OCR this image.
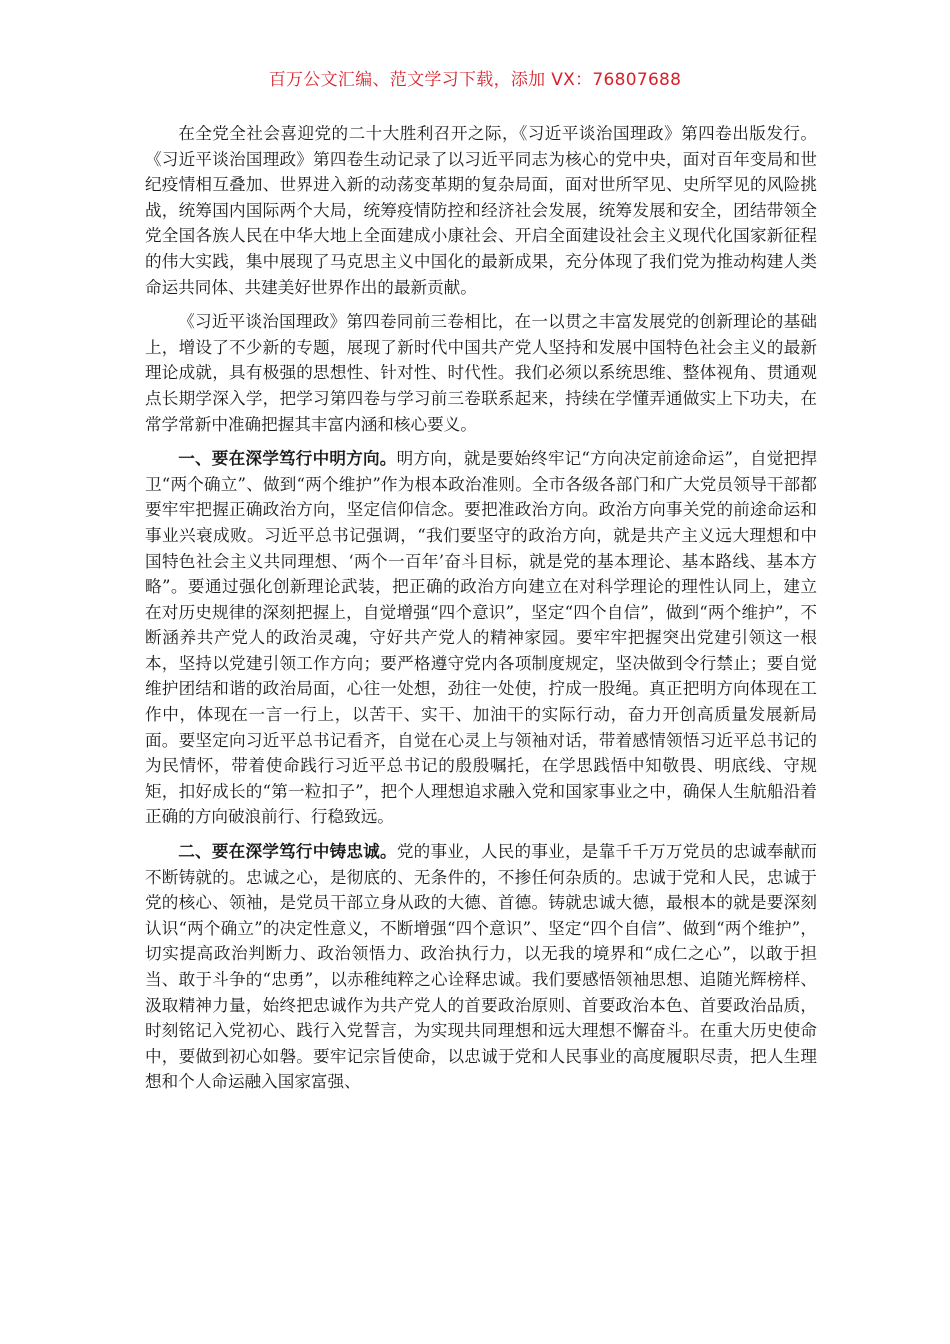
百万公文汇编、范文学习下载，添加 VX：76807688

在全党全社会喜迎党的二十大胜利召开之际，《习近平谈治国理政》第四卷出版发行。《习近平谈治国理政》第四卷生动记录了以习近平同志为核心的党中央，面对百年变局和世纪疫情相互叠加、世界进入新的动荡变革期的复杂局面，面对世所罕见、史所罕见的风险挑战，统筹国内国际两个大局，统筹疫情防控和经济社会发展，统筹发展和安全，团结带领全党全国各族人民在中华大地上全面建成小康社会、开启全面建设社会主义现代化国家新征程的伟大实践，集中展现了马克思主义中国化的最新成果，充分体现了我们党为推动构建人类命运共同体、共建美好世界作出的最新贡献。

《习近平谈治国理政》第四卷同前三卷相比，在一以贯之丰富发展党的创新理论的基础上，增设了不少新的专题，展现了新时代中国共产党人坚持和发展中国特色社会主义的最新理论成就，具有极强的思想性、针对性、时代性。我们必须以系统思维、整体视角、贯通观点长期学深入学，把学习第四卷与学习前三卷联系起来，持续在学懂弄通做实上下功夫，在常学常新中准确把握其丰富内涵和核心要义。

一、要在深学笃行中明方向。明方向，就是要始终牢记“方向决定前途命运”，自觉把捍卫“两个确立”、做到“两个维护”作为根本政治准则。全市各级各部门和广大党员领导干部都要牢牢把握正确政治方向，坚定信仰信念。要把准政治方向。政治方向事关党的前途命运和事业兴衰成败。习近平总书记强调，“我们要坚守的政治方向，就是共产主义远大理想和中国特色社会主义共同理想、‘两个一百年’奋斗目标，就是党的基本理论、基本路线、基本方略”。要通过强化创新理论武装，把正确的政治方向建立在对科学理论的理性认同上，建立在对历史规律的深刻把握上，自觉增强“四个意识”，坚定“四个自信”，做到“两个维护”，不断涵养共产党人的政治灵魂，守好共产党人的精神家园。要牢牢把握突出党建引领这一根本，坚持以党建引领工作方向；要严格遵守党内各项制度规定，坚决做到令行禁止；要自觉维护团结和谐的政治局面，心往一处想，劲往一处使，拧成一股绳。真正把明方向体现在工作中，体现在一言一行上，以苦干、实干、加油干的实际行动，奋力开创高质量发展新局面。要坚定向习近平总书记看齐，自觉在心灵上与领袖对话，带着感情领悟习近平总书记的为民情怀，带着使命践行习近平总书记的殷殷嘱托，在学思践悟中知敬畏、明底线、守规矩，扣好成长的“第一粒扣子”，把个人理想追求融入党和国家事业之中，确保人生航船沿着正确的方向破浪前行、行稳致远。

二、要在深学笃行中铸忠诚。党的事业，人民的事业，是靠千千万万党员的忠诚奉献而不断铸就的。忠诚之心，是彻底的、无条件的，不掺任何杂质的。忠诚于党和人民，忠诚于党的核心、领袖，是党员干部立身从政的大德、首德。铸就忠诚大德，最根本的就是要深刻认识“两个确立”的决定性意义，不断增强“四个意识”、坚定“四个自信”、做到“两个维护”，切实提高政治判断力、政治领悟力、政治执行力，以无我的境界和“成仁之心”，以敢于担当、敢于斗争的“忠勇”，以赤稚纯粹之心诠释忠诚。我们要感悟领袖思想、追随光辉榜样、汲取精神力量，始终把忠诚作为共产党人的首要政治原则、首要政治本色、首要政治品质，时刻铭记入党初心、践行入党誓言，为实现共同理想和远大理想不懈奋斗。在重大历史使命中，要做到初心如磐。要牢记宗旨使命，以忠诚于党和人民事业的高度履职尽责，把人生理想和个人命运融入国家富强、
